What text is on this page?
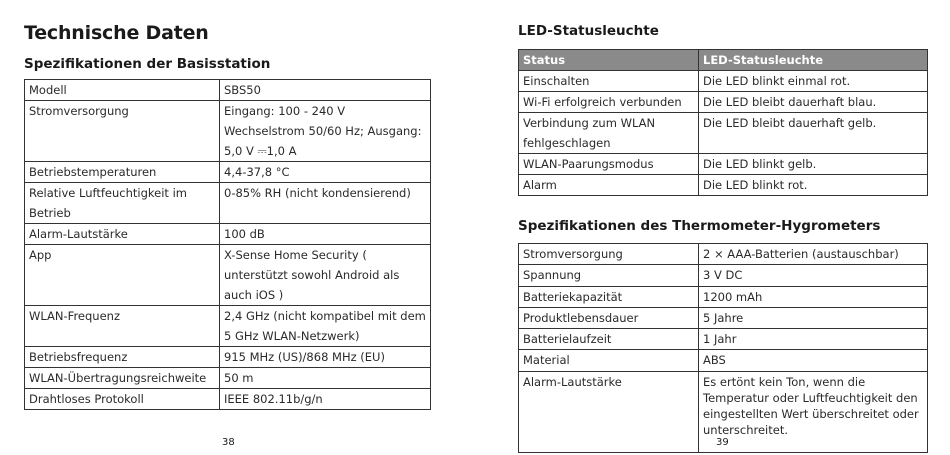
Technische Daten
Spezifikationen der Basisstation
Modell	SBS50
Stromversorgung	Eingang: 100 - 240 V Wechselstrom 50/60 Hz; Ausgang: 5,0 V ⎓1,0 A
Betriebstemperaturen	4,4-37,8 °C
Relative Luftfeuchtigkeit im Betrieb	0-85% RH (nicht kondensierend)
Alarm-Lautstärke	100 dB
App	X-Sense Home Security ( unterstützt sowohl Android als auch iOS )
WLAN-Frequenz	2,4 GHz (nicht kompatibel mit dem 5 GHz WLAN-Netzwerk)
Betriebsfrequenz	915 MHz (US)/868 MHz (EU)
WLAN-Übertragungsreichweite	50 m
Drahtloses Protokoll	IEEE 802.11b/g/n
38
LED-Statusleuchte
Status	LED-Statusleuchte
Einschalten	Die LED blinkt einmal rot.
Wi-Fi erfolgreich verbunden	Die LED bleibt dauerhaft blau.
Verbindung zum WLAN fehlgeschlagen	Die LED bleibt dauerhaft gelb.
WLAN-Paarungsmodus	Die LED blinkt gelb.
Alarm	Die LED blinkt rot.
Spezifikationen des Thermometer-Hygrometers
Stromversorgung	2 × AAA-Batterien (austauschbar)
Spannung	3 V DC
Batteriekapazität	1200 mAh
Produktlebensdauer	5 Jahre
Batterielaufzeit	1 Jahr
Material	ABS
Alarm-Lautstärke	Es ertönt kein Ton, wenn die Temperatur oder Luftfeuchtigkeit den eingestellten Wert überschreitet oder unterschreitet.
39
